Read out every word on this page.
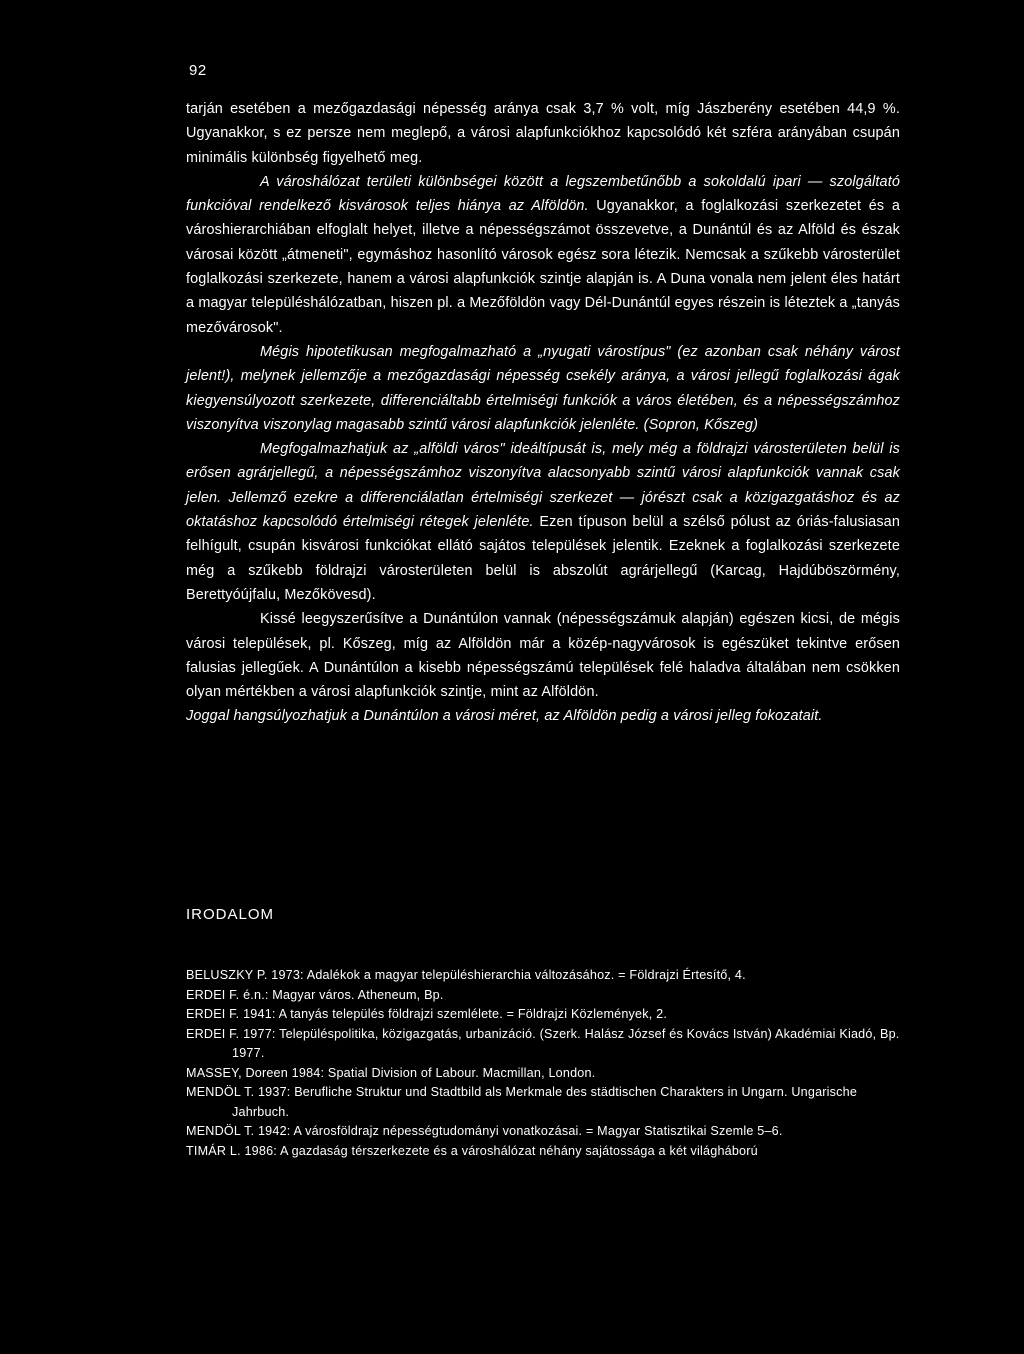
92

tarján esetében a mezőgazdasági népesség aránya csak 3,7 % volt, míg Jászberény esetében 44,9 %. Ugyanakkor, s ez persze nem meglepő, a városi alapfunkciókhoz kapcsolódó két szféra arányában csupán minimális különbség figyelhető meg.

A városhálózat területi különbségei között a legszembetűnőbb a sokoldalú ipari — szolgáltató funkcióval rendelkező kisvárosok teljes hiánya az Alföldön. Ugyanakkor, a foglalkozási szerkezetet és a városhierarchiában elfoglalt helyet, illetve a népességszámot összevetve, a Dunántúl és az Alföld és észak városai között „átmeneti", egymáshoz hasonlító városok egész sora létezik. Nemcsak a szűkebb városterület foglalkozási szerkezete, hanem a városi alapfunkciók szintje alapján is. A Duna vonala nem jelent éles határt a magyar településhálózatban, hiszen pl. a Mezőföldön vagy Dél-Dunántúl egyes részein is léteztek a „tanyás mezővárosok".

Mégis hipotetikusan megfogalmazható a „nyugati várostípus" (ez azonban csak néhány várost jelent!), melynek jellemzője a mezőgazdasági népesség csekély aránya, a városi jellegű foglalkozási ágak kiegyensúlyozott szerkezete, differenciáltabb értelmiségi funkciók a város életében, és a népességszámhoz viszonyítva viszonylag magasabb szintű városi alapfunkciók jelenléte. (Sopron, Kőszeg)

Megfogalmazhatjuk az „alföldi város" ideáltípusát is, mely még a földrajzi városterületen belül is erősen agrárjellegű, a népességszámhoz viszonyítva alacsonyabb szintű városi alapfunkciók vannak csak jelen. Jellemző ezekre a differenciálatlan értelmiségi szerkezet — jórészt csak a közigazgatáshoz és az oktatáshoz kapcsolódó értelmiségi rétegek jelenléte. Ezen típuson belül a szélső pólust az óriás-falusiasan felhígult, csupán kisvárosi funkciókat ellátó sajátos települések jelentik. Ezeknek a foglalkozási szerkezete még a szűkebb földrajzi városterületen belül is abszolút agrárjellegű (Karcag, Hajdúböszörmény, Berettyóújfalu, Mezőkövesd).

Kissé leegyszerűsítve a Dunántúlon vannak (népességszámuk alapján) egészen kicsi, de mégis városi települések, pl. Kőszeg, míg az Alföldön már a közép-nagyvárosok is egészüket tekintve erősen falusias jellegűek. A Dunántúlon a kisebb népességszámú települések felé haladva általában nem csökken olyan mértékben a városi alapfunkciók szintje, mint az Alföldön.

Joggal hangsúlyozhatjuk a Dunántúlon a városi méret, az Alföldön pedig a városi jelleg fokozatait.

IRODALOM

BELUSZKY P. 1973: Adalékok a magyar településhierarchia változásához. = Földrajzi Értesítő, 4.

ERDEI F. é.n.: Magyar város. Atheneum, Bp.

ERDEI F. 1941: A tanyás település földrajzi szemlélete. = Földrajzi Közlemények, 2.

ERDEI F. 1977: Településpolitika, közigazgatás, urbanizáció. (Szerk. Halász József és Kovács István) Akadémiai Kiadó, Bp. 1977.

MASSEY, Doreen 1984: Spatial Division of Labour. Macmillan, London.

MENDÖL T. 1937: Berufliche Struktur und Stadtbild als Merkmale des städtischen Charakters in Ungarn. Ungarische Jahrbuch.

MENDÖL T. 1942: A városföldrajz népességtudományi vonatkozásai. = Magyar Statisztikai Szemle 5–6.

TIMÁR L. 1986: A gazdaság térszerkezete és a városhálózat néhány sajátossága a két világháború
